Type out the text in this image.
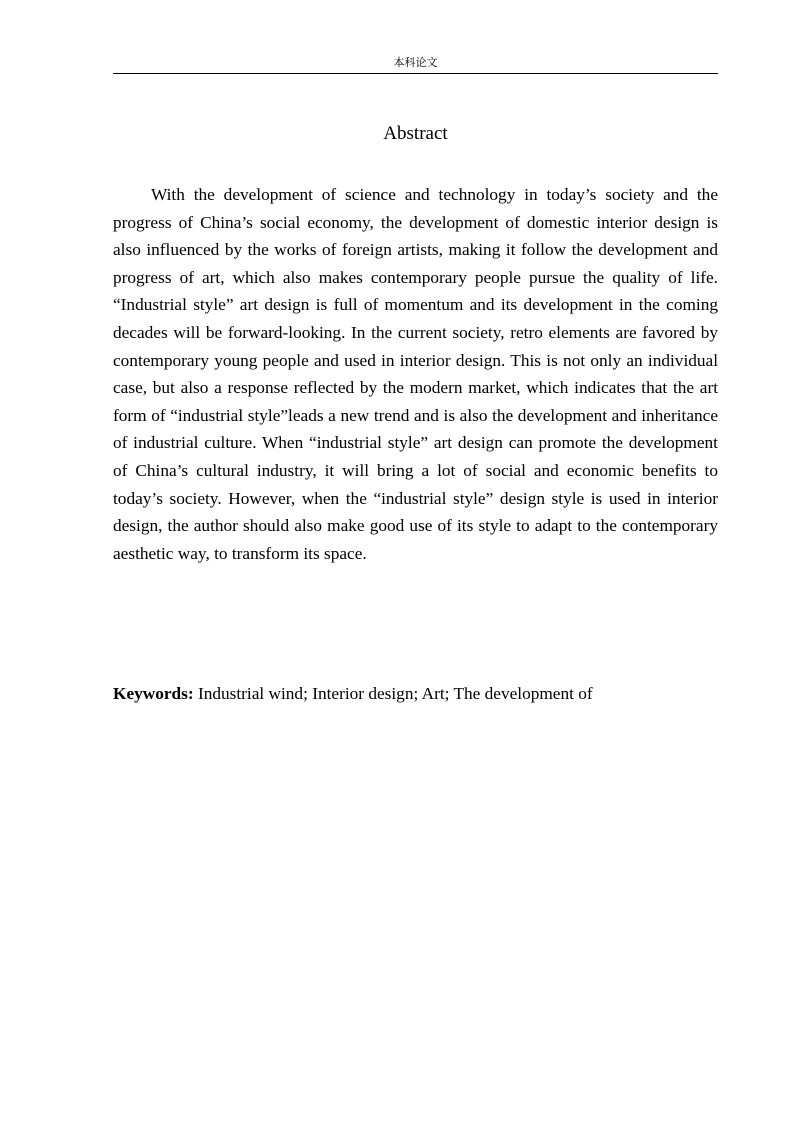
本科论文
Abstract

With the development of science and technology in today’s society and the progress of China’s social economy, the development of domestic interior design is also influenced by the works of foreign artists, making it follow the development and progress of art, which also makes contemporary people pursue the quality of life. “Industrial style” art design is full of momentum and its development in the coming decades will be forward-looking. In the current society, retro elements are favored by contemporary young people and used in interior design. This is not only an individual case, but also a response reflected by the modern market, which indicates that the art form of “industrial style”leads a new trend and is also the development and inheritance of industrial culture. When “industrial style” art design can promote the development of China’s cultural industry, it will bring a lot of social and economic benefits to today’s society. However, when the “industrial style” design style is used in interior design, the author should also make good use of its style to adapt to the contemporary aesthetic way, to transform its space.

Keywords: Industrial wind; Interior design; Art; The development of
